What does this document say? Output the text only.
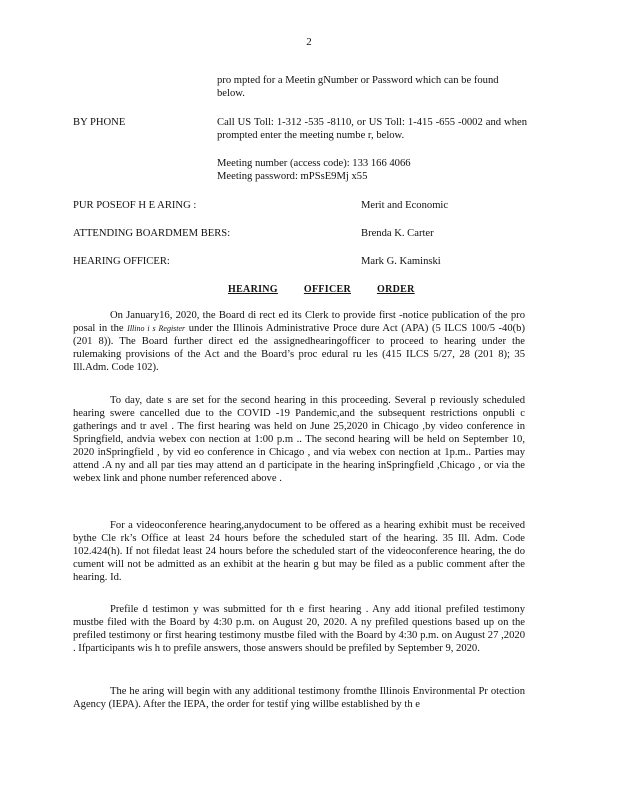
2
pro mpted for a Meetin gNumber or Password which can be found below.
BY PHONE	Call US Toll: 1-312 -535 -8110, or US Toll: 1-415 -655 -0002 and when prompted enter the meeting numbe r, below.
Meeting number (access code): 133 166 4066
Meeting password: mPSsE9Mj x55
PUR POSEOF H E ARING :	Merit and Economic
ATTENDING BOARDMEM BERS:	Brenda K. Carter
HEARING OFFICER:	Mark G. Kaminski
HEARING	OFFICER	ORDER

On January16, 2020, the Board di rect ed its Clerk to provide first -notice publication of the pro posal in the Illino i s Register under the Illinois Administrative Proce dure Act (APA) (5 ILCS 100/5 -40(b) (201 8)). The Board further direct ed the assignedhearingofficer to proceed to hearing under the rulemaking provisions of the Act and the Board’s proc edural ru les (415 ILCS 5/27, 28 (201 8); 35 Ill.Adm. Code 102).

To day, date s are set for the second hearing in this proceeding. Several p reviously scheduled hearing swere cancelled due to the COVID -19 Pandemic,and the subsequent restrictions onpubli c gatherings and tr avel . The first hearing was held on June 25,2020 in Chicago ,by video conference in Springfield, andvia webex con nection at 1:00 p.m .. The second hearing will be held on September 10, 2020 inSpringfield , by vid eo conference in Chicago , and via webex con nection at 1p.m.. Parties may attend .A ny and all par ties may attend an d participate in the hearing inSpringfield ,Chicago , or via the webex link and phone number referenced above .

For a videoconference hearing,anydocument to be offered as a hearing exhibit must be received bythe Cle rk’s Office at least 24 hours before the scheduled start of the hearing. 35 Ill. Adm. Code 102.424(h). If not filedat least 24 hours before the scheduled start of the videoconference hearing, the do cument will not be admitted as an exhibit at the hearin g but may be filed as a public comment after the hearing. Id.

Prefile d testimon y was submitted for th e first hearing . Any add itional prefiled testimony mustbe filed with the Board by 4:30 p.m. on August 20, 2020. A ny prefiled questions based up on the prefiled testimony or first hearing testimony mustbe filed with the Board by 4:30 p.m. on August 27 ,2020 . Ifparticipants wis h to prefile answers, those answers should be prefiled by September 9, 2020.

The he aring will begin with any additional testimony fromthe Illinois Environmental Pr otection Agency (IEPA). After the IEPA, the order for testif ying willbe established by th e
